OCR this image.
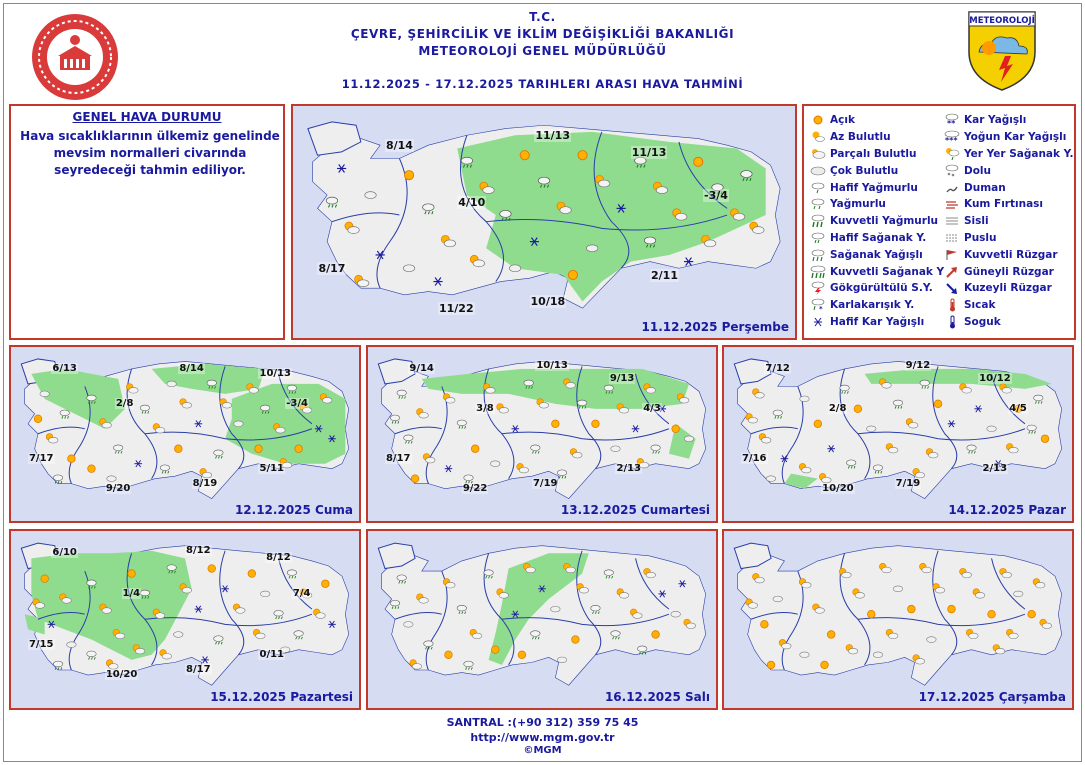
T.C.
ÇEVRE, ŞEHİRCİLİK VE İKLİM DEĞİŞİKLİĞİ BAKANLIĞI
METEOROLOJİ GENEL MÜDÜRLÜĞÜ
11.12.2025 - 17.12.2025 TARIHLERI ARASI HAVA TAHMİNİ
METEOROLOJİ
GENEL HAVA DURUMU
Hava sıcaklıklarının ülkemiz genelinde mevsim normalleri civarında seyredeceği tahmin ediliyor.
11.12.2025 Perşembe
8/14
11/13
11/13
4/10
-3/4
8/17
10/18
2/11
11/22
Açık
Az Bulutlu
Parçalı Bulutlu
Çok Bulutlu
Hafif Yağmurlu
Yağmurlu
Kuvvetli Yağmurlu
Hafif Sağanak Y.
Sağanak Yağışlı
Kuvvetli Sağanak Y
Gökgürültülü S.Y.
* Karlakarışık Y.
Hafif Kar Yağışlı
** Kar Yağışlı
*** Yoğun Kar Yağışlı
Yer Yer Sağanak Y.
Dolu
Duman
Kum Fırtınası
Sisli
Puslu
Kuvvetli Rüzgar
Güneyli Rüzgar
Kuzeyli Rüzgar
Sıcak
Soguk
12.12.2025 Cuma
6/13	8/14	10/13
2/8	-3/4
7/17
9/20	8/19
5/11
13.12.2025 Cumartesi
9/14	10/13
9/13
3/8	4/3
8/17
9/22	7/19
2/13
14.12.2025 Pazar
7/12	9/12
10/12
2/8	4/5
7/16
10/20	7/19
2/13
15.12.2025 Pazartesi
6/10	8/12
8/12
1/4	7/4
7/15
10/20	8/17
0/11
16.12.2025 Salı	17.12.2025 Çarşamba
SANTRAL :(+90 312) 359 75 45
http://www.mgm.gov.tr
©MGM
